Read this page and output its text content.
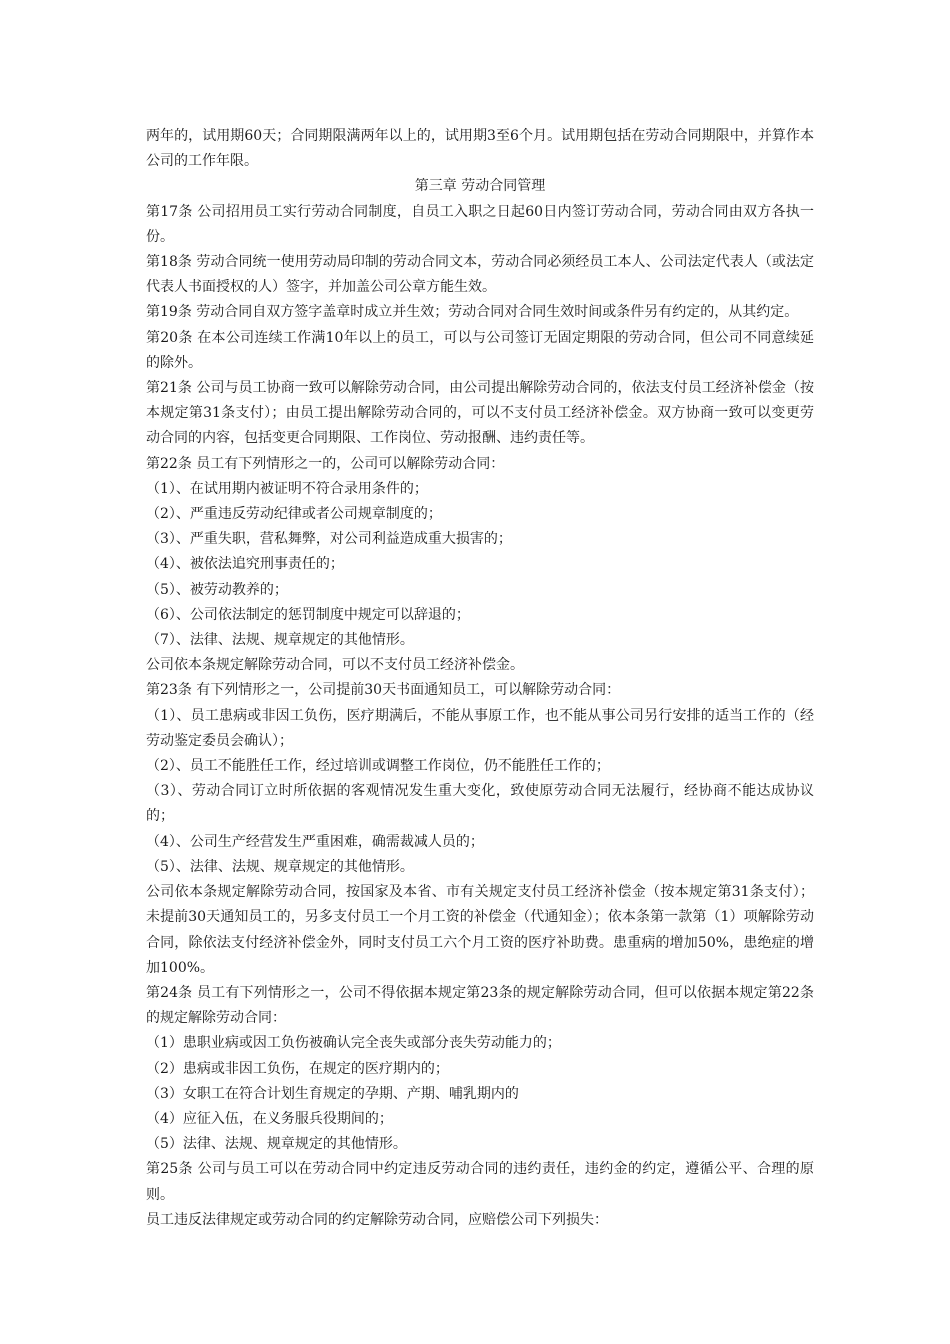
两年的，试用期60天；合同期限满两年以上的，试用期3至6个月。试用期包括在劳动合同期限中，并算作本公司的工作年限。

第三章 劳动合同管理

第17条 公司招用员工实行劳动合同制度，自员工入职之日起60日内签订劳动合同，劳动合同由双方各执一份。

第18条 劳动合同统一使用劳动局印制的劳动合同文本，劳动合同必须经员工本人、公司法定代表人（或法定代表人书面授权的人）签字，并加盖公司公章方能生效。

第19条 劳动合同自双方签字盖章时成立并生效；劳动合同对合同生效时间或条件另有约定的，从其约定。

第20条 在本公司连续工作满10年以上的员工，可以与公司签订无固定期限的劳动合同，但公司不同意续延的除外。

第21条 公司与员工协商一致可以解除劳动合同，由公司提出解除劳动合同的，依法支付员工经济补偿金（按本规定第31条支付）；由员工提出解除劳动合同的，可以不支付员工经济补偿金。双方协商一致可以变更劳动合同的内容，包括变更合同期限、工作岗位、劳动报酬、违约责任等。

第22条 员工有下列情形之一的，公司可以解除劳动合同：

（1）、在试用期内被证明不符合录用条件的；

（2）、严重违反劳动纪律或者公司规章制度的；

（3）、严重失职，营私舞弊，对公司利益造成重大损害的；

（4）、被依法追究刑事责任的；

（5）、被劳动教养的；

（6）、公司依法制定的惩罚制度中规定可以辞退的；

（7）、法律、法规、规章规定的其他情形。

公司依本条规定解除劳动合同，可以不支付员工经济补偿金。

第23条 有下列情形之一，公司提前30天书面通知员工，可以解除劳动合同：

（1）、员工患病或非因工负伤，医疗期满后，不能从事原工作，也不能从事公司另行安排的适当工作的（经劳动鉴定委员会确认）；

（2）、员工不能胜任工作，经过培训或调整工作岗位，仍不能胜任工作的；

（3）、劳动合同订立时所依据的客观情况发生重大变化，致使原劳动合同无法履行，经协商不能达成协议的；

（4）、公司生产经营发生严重困难，确需裁减人员的；

（5）、法律、法规、规章规定的其他情形。

公司依本条规定解除劳动合同，按国家及本省、市有关规定支付员工经济补偿金（按本规定第31条支付）；未提前30天通知员工的，另多支付员工一个月工资的补偿金（代通知金）；依本条第一款第（1）项解除劳动合同，除依法支付经济补偿金外，同时支付员工六个月工资的医疗补助费。患重病的增加50%，患绝症的增加100%。

第24条 员工有下列情形之一，公司不得依据本规定第23条的规定解除劳动合同，但可以依据本规定第22条的规定解除劳动合同：

（1）患职业病或因工负伤被确认完全丧失或部分丧失劳动能力的；

（2）患病或非因工负伤，在规定的医疗期内的；

（3）女职工在符合计划生育规定的孕期、产期、哺乳期内的

（4）应征入伍，在义务服兵役期间的；

（5）法律、法规、规章规定的其他情形。

第25条 公司与员工可以在劳动合同中约定违反劳动合同的违约责任，违约金的约定，遵循公平、合理的原则。

员工违反法律规定或劳动合同的约定解除劳动合同，应赔偿公司下列损失：
